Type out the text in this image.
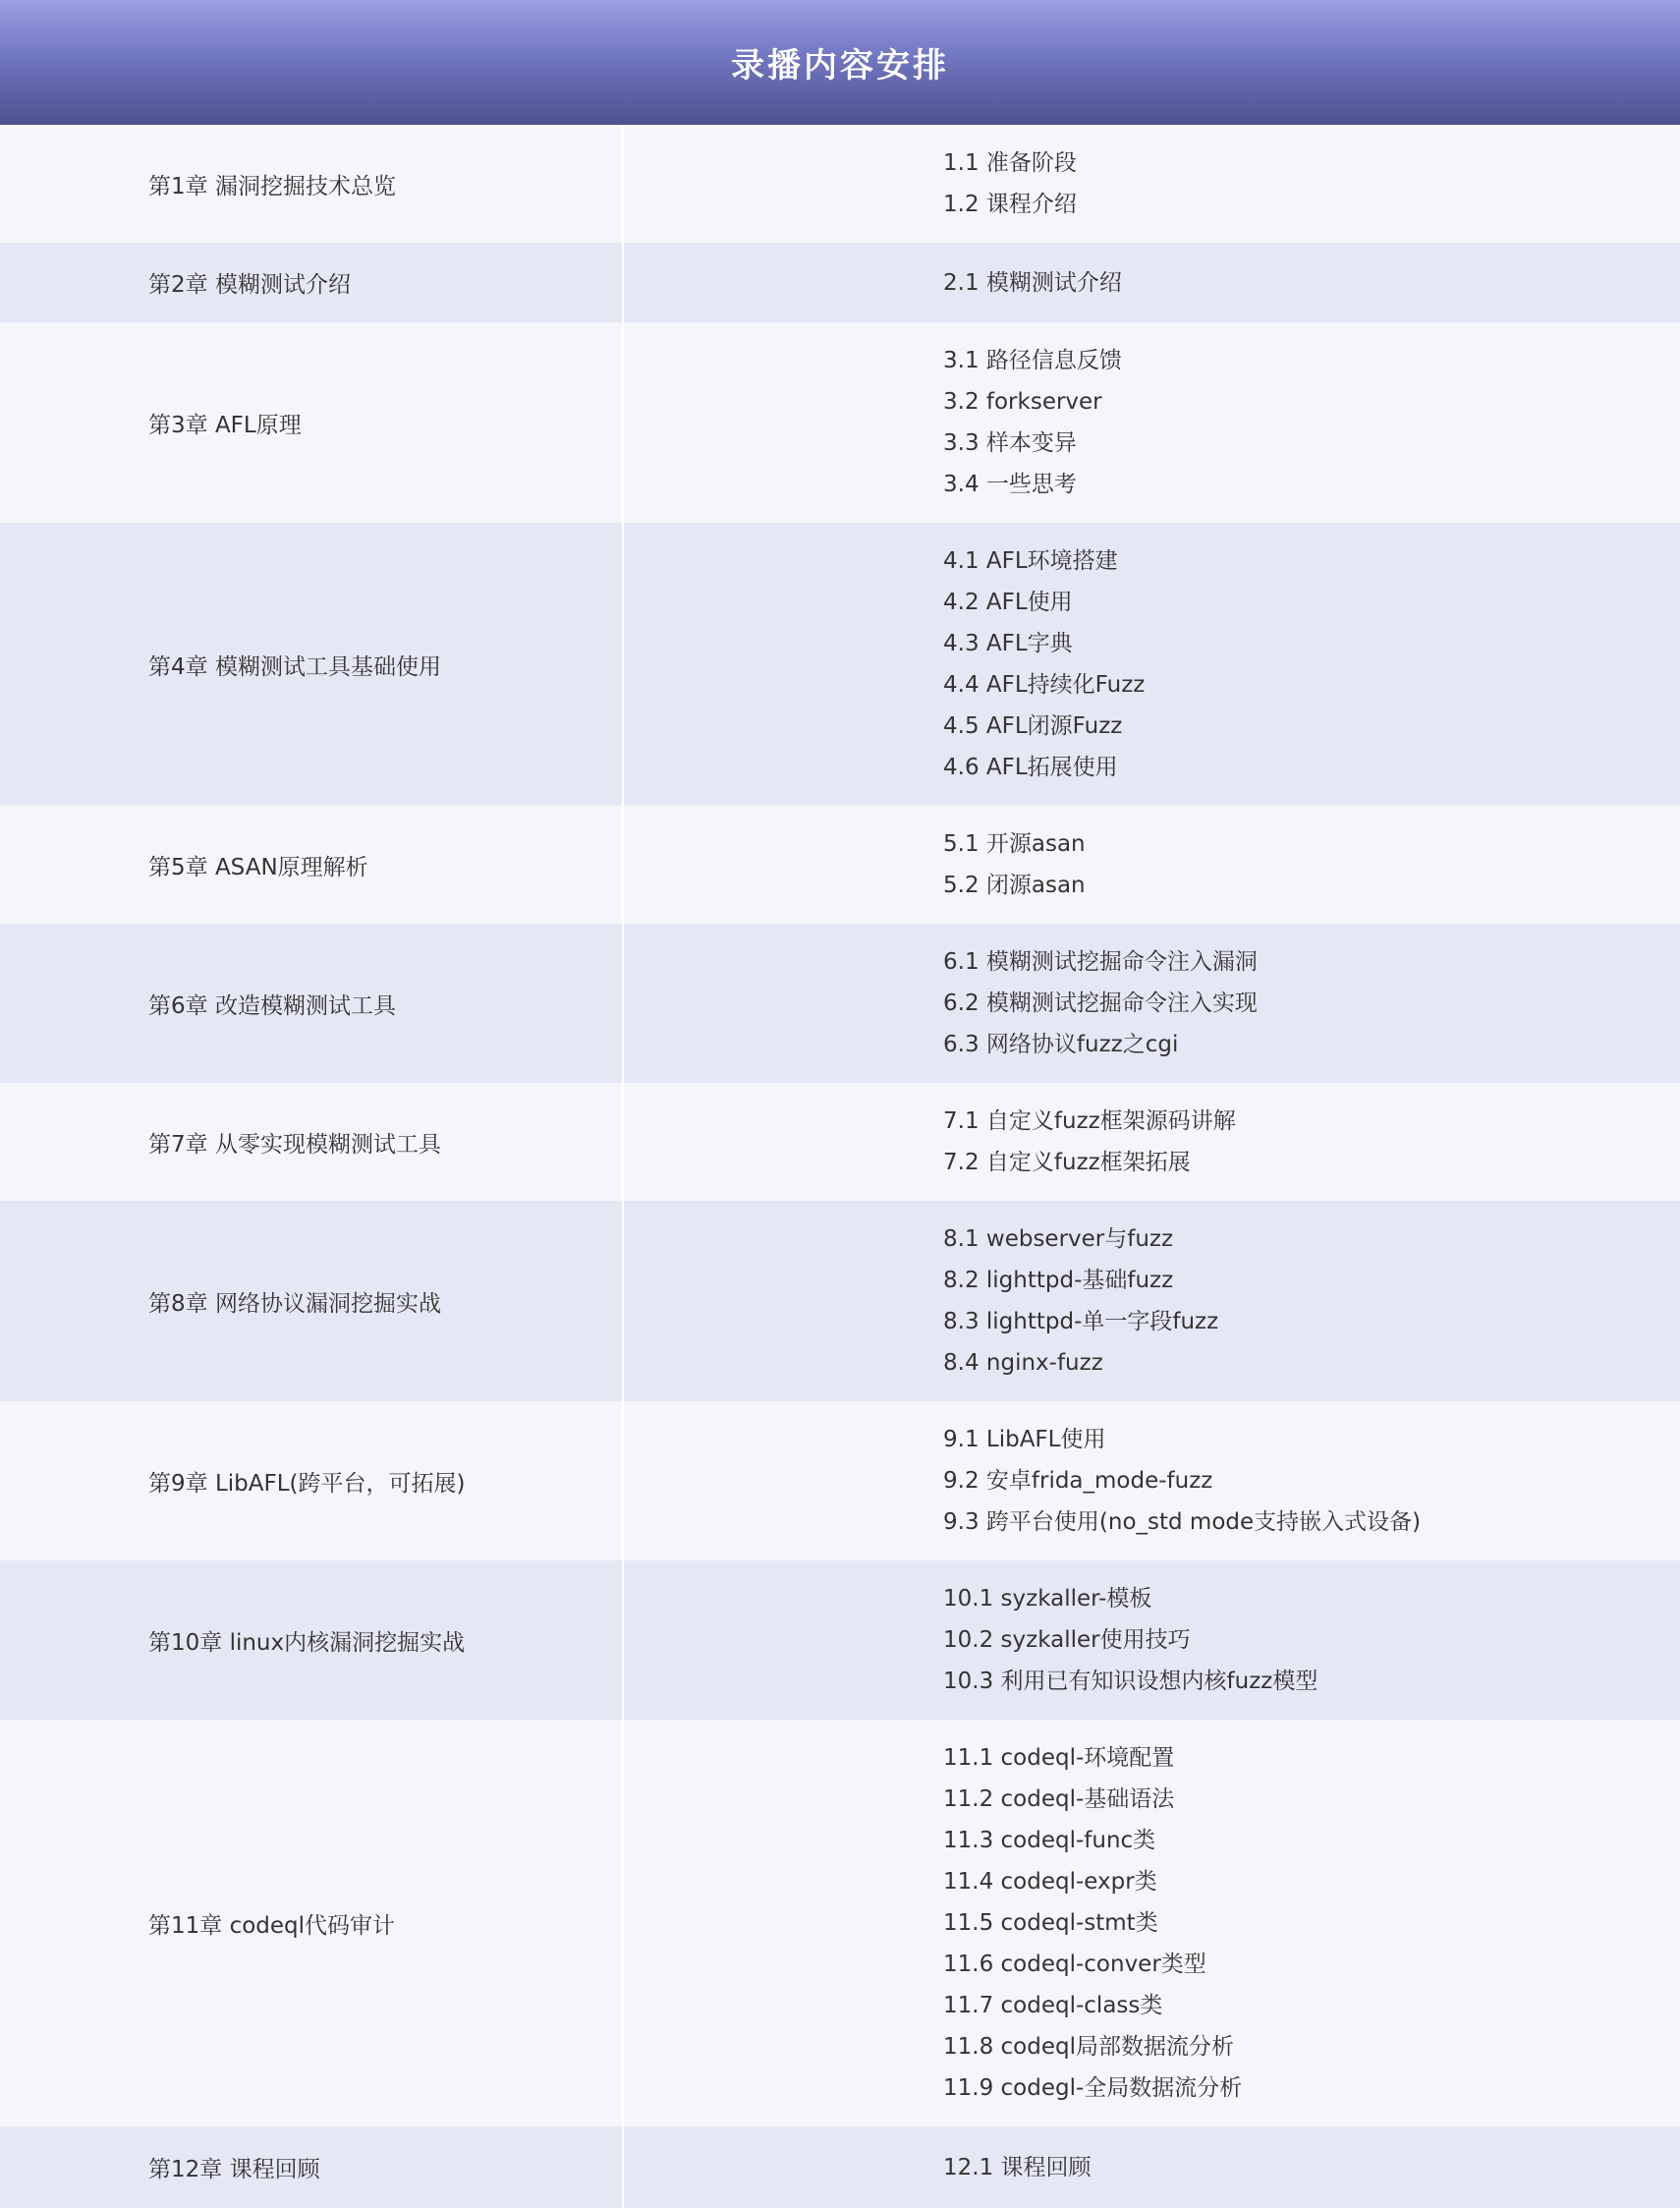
录播内容安排
第1章 漏洞挖掘技术总览
1.1 准备阶段
1.2 课程介绍
第2章 模糊测试介绍	2.1 模糊测试介绍
第3章 AFL原理
3.1 路径信息反馈
3.2 forkserver
3.3 样本变异
3.4 一些思考
第4章 模糊测试工具基础使用
4.1 AFL环境搭建
4.2 AFL使用
4.3 AFL字典
4.4 AFL持续化Fuzz
4.5 AFL闭源Fuzz
4.6 AFL拓展使用
第5章 ASAN原理解析
5.1 开源asan
5.2 闭源asan
第6章 改造模糊测试工具
6.1 模糊测试挖掘命令注入漏洞
6.2 模糊测试挖掘命令注入实现
6.3 网络协议fuzz之cgi
第7章 从零实现模糊测试工具
7.1 自定义fuzz框架源码讲解
7.2 自定义fuzz框架拓展
第8章 网络协议漏洞挖掘实战
8.1 webserver与fuzz
8.2 lighttpd-基础fuzz
8.3 lighttpd-单一字段fuzz
8.4 nginx-fuzz
第9章 LibAFL(跨平台，可拓展)
9.1 LibAFL使用
9.2 安卓frida_mode-fuzz
9.3 跨平台使用(no_std mode支持嵌入式设备)
第10章 linux内核漏洞挖掘实战
10.1 syzkaller-模板
10.2 syzkaller使用技巧
10.3 利用已有知识设想内核fuzz模型
第11章 codeql代码审计
11.1 codeql-环境配置
11.2 codeql-基础语法
11.3 codeql-func类
11.4 codeql-expr类
11.5 codeql-stmt类
11.6 codeql-conver类型
11.7 codeql-class类
11.8 codeql局部数据流分析
11.9 codegl-全局数据流分析
第12章 课程回顾	12.1 课程回顾
